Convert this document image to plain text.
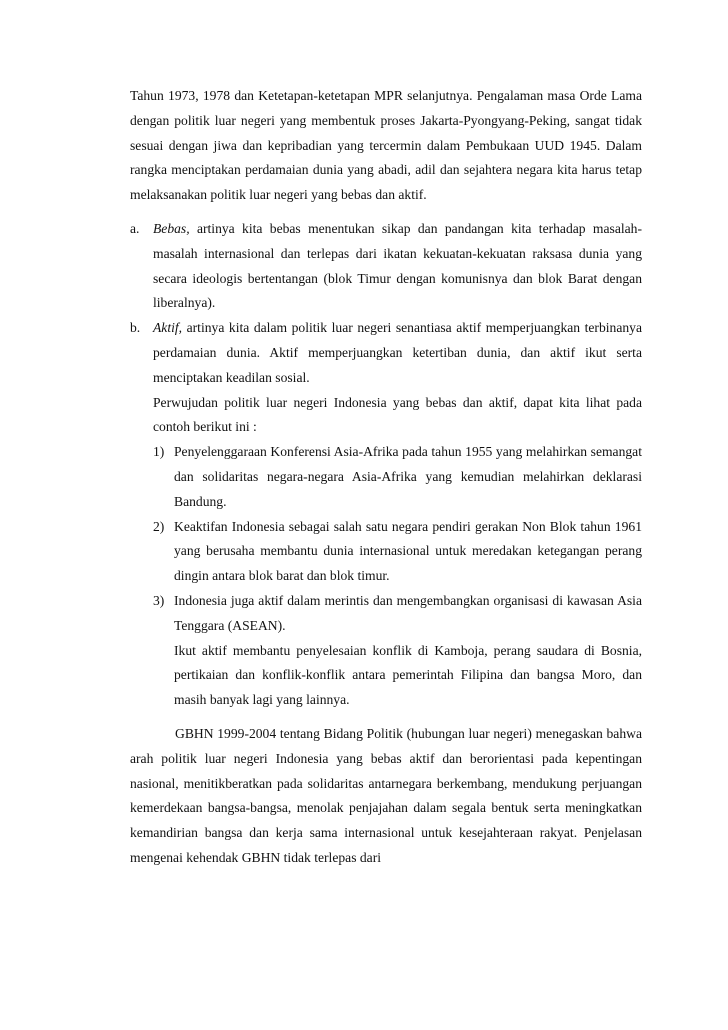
Tahun 1973, 1978 dan Ketetapan-ketetapan MPR selanjutnya. Pengalaman masa Orde Lama dengan politik luar negeri yang membentuk proses Jakarta-Pyongyang-Peking, sangat tidak sesuai dengan jiwa dan kepribadian yang tercermin dalam Pembukaan UUD 1945. Dalam rangka menciptakan perdamaian dunia yang abadi, adil dan sejahtera negara kita harus tetap melaksanakan politik luar negeri yang bebas dan aktif.

a. Bebas, artinya kita bebas menentukan sikap dan pandangan kita terhadap masalah-masalah internasional dan terlepas dari ikatan kekuatan-kekuatan raksasa dunia yang secara ideologis bertentangan (blok Timur dengan komunisnya dan blok Barat dengan liberalnya).
b. Aktif, artinya kita dalam politik luar negeri senantiasa aktif memperjuangkan terbinanya perdamaian dunia. Aktif memperjuangkan ketertiban dunia, dan aktif ikut serta menciptakan keadilan sosial.

Perwujudan politik luar negeri Indonesia yang bebas dan aktif, dapat kita lihat pada contoh berikut ini :

1) Penyelenggaraan Konferensi Asia-Afrika pada tahun 1955 yang melahirkan semangat dan solidaritas negara-negara Asia-Afrika yang kemudian melahirkan deklarasi Bandung.
2) Keaktifan Indonesia sebagai salah satu negara pendiri gerakan Non Blok tahun 1961 yang berusaha membantu dunia internasional untuk meredakan ketegangan perang dingin antara blok barat dan blok timur.
3) Indonesia juga aktif dalam merintis dan mengembangkan organisasi di kawasan Asia Tenggara (ASEAN).

Ikut aktif membantu penyelesaian konflik di Kamboja, perang saudara di Bosnia, pertikaian dan konflik-konflik antara pemerintah Filipina dan bangsa Moro, dan masih banyak lagi yang lainnya.

GBHN 1999-2004 tentang Bidang Politik (hubungan luar negeri) menegaskan bahwa arah politik luar negeri Indonesia yang bebas aktif dan berorientasi pada kepentingan nasional, menitikberatkan pada solidaritas antarnegara berkembang, mendukung perjuangan kemerdekaan bangsa-bangsa, menolak penjajahan dalam segala bentuk serta meningkatkan kemandirian bangsa dan kerja sama internasional untuk kesejahteraan rakyat. Penjelasan mengenai kehendak GBHN tidak terlepas dari
